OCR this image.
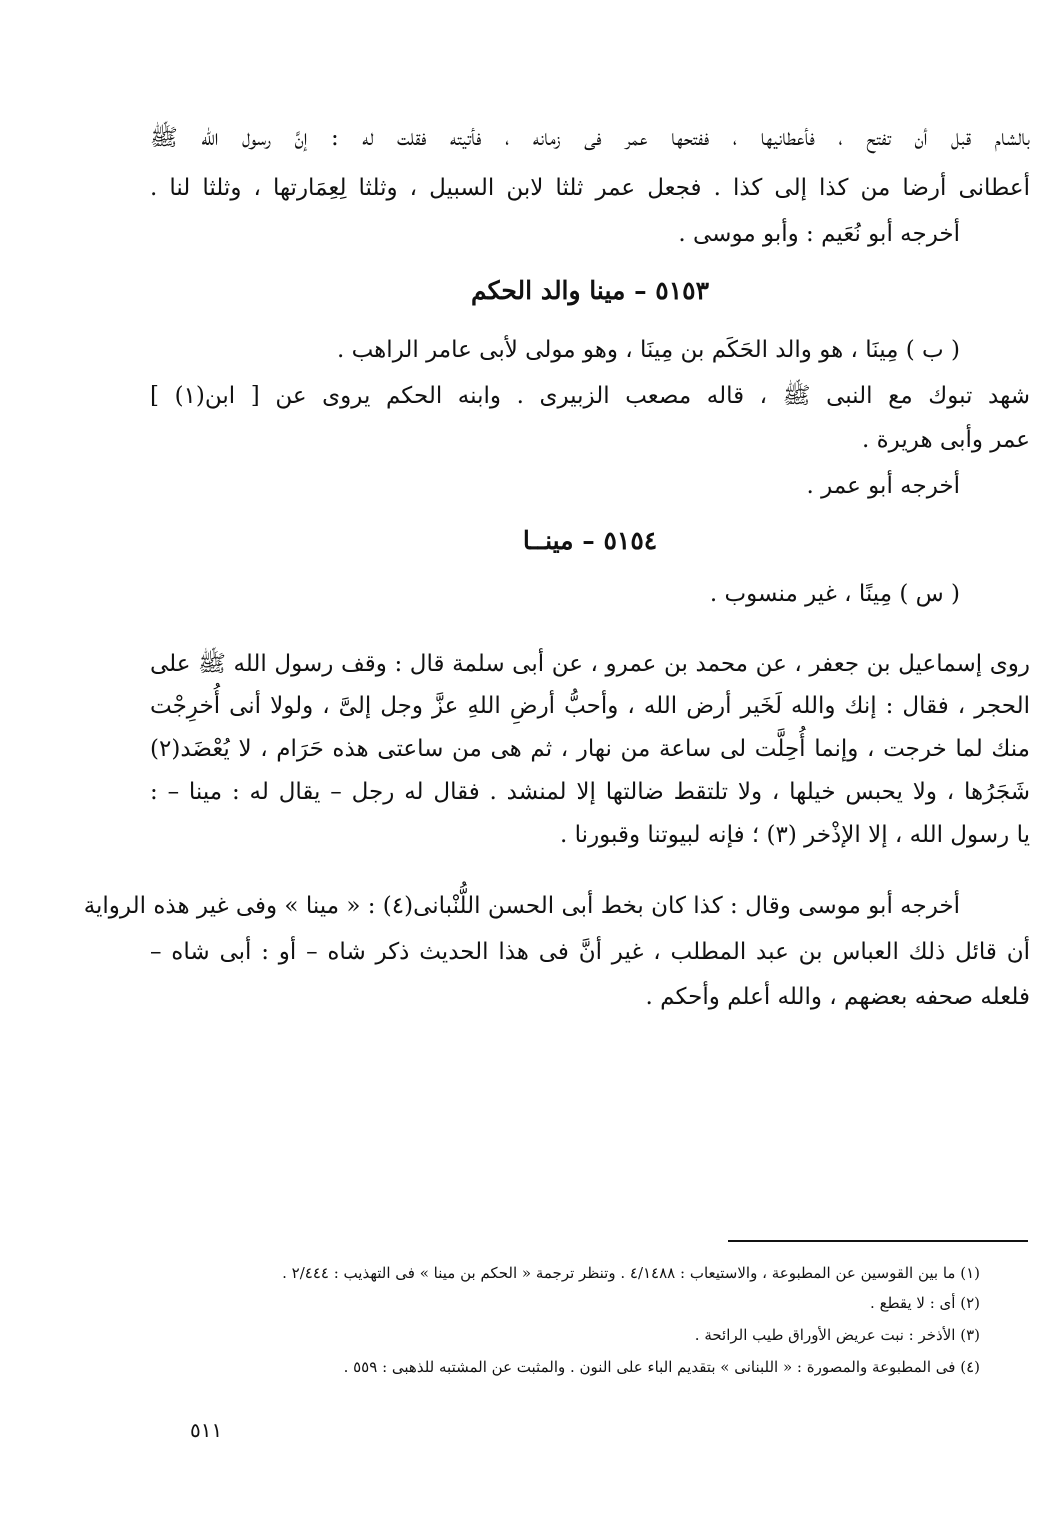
بالشام قبل أن تفتح ، فأعطانيها ، ففتحها عمر فى زمانه ، فأتيته فقلت له : إنَّ رسول الله ﷺ
أعطانى أرضا من كذا إلى كذا . فجعل عمر ثلثا لابن السبيل ، وثلثا لِعِمَارتها ، وثلثا لنا .
أخرجه أبو نُعَيم : وأبو موسى .
٥١٥٣ – مينا والد الحكم
( ب ) مِينَا ، هو والد الحَكَم بن مِينَا ، وهو مولى لأبى عامر الراهب .
شهد تبوك مع النبى ﷺ ، قاله مصعب الزبيرى . وابنه الحكم يروى عن [ ابن(١) ]
عمر وأبى هريرة .
أخرجه أبو عمر .
٥١٥٤ – مينــا
( س ) مِينًا ، غير منسوب .
روى إسماعيل بن جعفر ، عن محمد بن عمرو ، عن أبى سلمة قال : وقف رسول الله ﷺ على
الحجر ، فقال : إنك والله لَخَير أرض الله ، وأحبُّ أرضِ اللهِ عزَّ وجل إلىَّ ، ولولا أنى أُخرِجْت
منك لما خرجت ، وإنما أُحِلَّت لى ساعة من نهار ، ثم هى من ساعتى هذه حَرَام ، لا يُعْضَد(٢)
شَجَرُها ، ولا يحبس خيلها ، ولا تلتقط ضالتها إلا لمنشد . فقال له رجل – يقال له : مينا – :
يا رسول الله ، إلا الإذْخر (٣) ؛ فإنه لبيوتنا وقبورنا .
أخرجه أبو موسى وقال : كذا كان بخط أبى الحسن اللُّنْبانى(٤) : « مينا » وفى غير هذه الرواية
أن قائل ذلك العباس بن عبد المطلب ، غير أنَّ فى هذا الحديث ذكر شاه – أو : أبى شاه –
فلعله صحفه بعضهم ، والله أعلم وأحكم .
(١) ما بين القوسين عن المطبوعة ، والاستيعاب : ٤/١٤٨٨ . وتنظر ترجمة « الحكم بن مينا » فى التهذيب : ٢/٤٤٤ .
(٢) أى : لا يقطع .
(٣) الأذخر : نبت عريض الأوراق طيب الرائحة .
(٤) فى المطبوعة والمصورة : « اللبنانى » بتقديم الباء على النون . والمثبت عن المشتبه للذهبى : ٥٥٩ .
٥١١
